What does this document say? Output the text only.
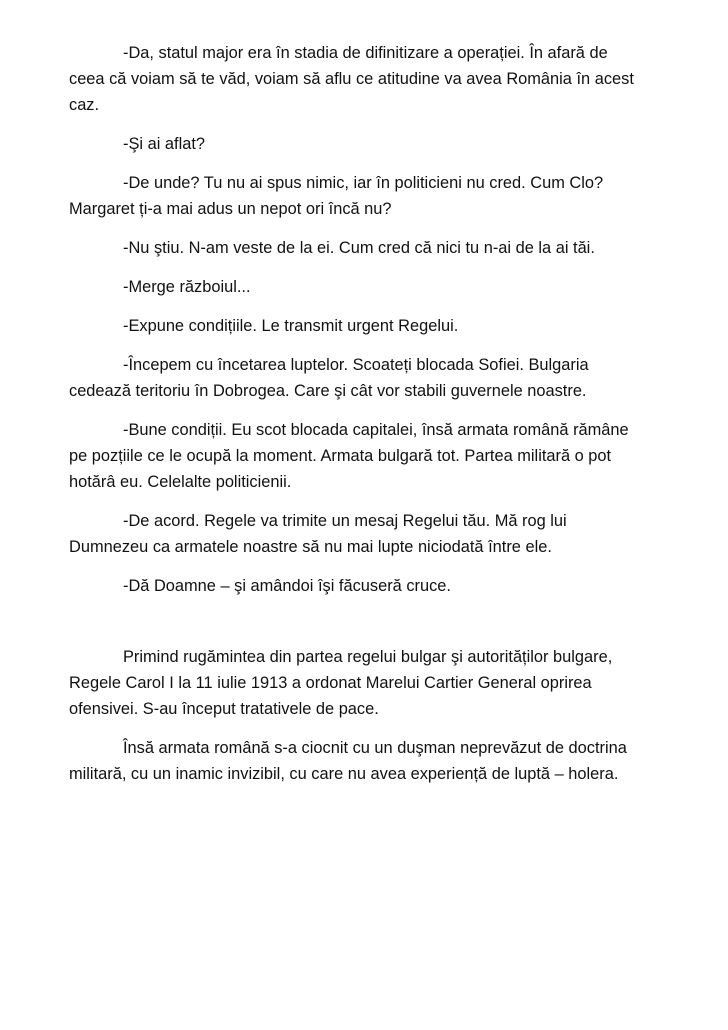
-Da, statul major era în stadia de difinitizare a operației. În afară de
ceea că voiam să te văd, voiam să aflu ce atitudine va avea România în acest
caz.
-Şi ai aflat?
-De unde? Tu nu ai spus nimic, iar în politicieni nu cred. Cum Clo?
Margaret ți-a mai adus un nepot ori încă nu?
-Nu ştiu. N-am veste de la ei. Cum cred că nici tu n-ai de la ai tăi.
-Merge războiul...
-Expune condițiile. Le transmit urgent Regelui.
-Începem cu încetarea luptelor. Scoateți blocada Sofiei. Bulgaria
cedează teritoriu în Dobrogea. Care şi cât vor stabili guvernele noastre.
-Bune condiții. Eu scot blocada capitalei, însă armata română rămâne
pe pozțiile ce le ocupă la moment. Armata bulgară tot. Partea militară o pot
hotărâ eu. Celelalte politicienii.
-De acord. Regele va trimite un mesaj Regelui tău. Mă rog lui
Dumnezeu ca armatele noastre să nu mai lupte niciodată între ele.
-Dă Doamne – şi amândoi îşi făcuseră cruce.
Primind rugămintea din partea regelui bulgar şi autorităților bulgare,
Regele Carol I la 11 iulie 1913 a ordonat Marelui Cartier General oprirea
ofensivei. S-au început tratativele de pace.
Însă armata română s-a ciocnit cu un duşman neprevăzut de doctrina
militară, cu un inamic invizibil, cu care nu avea experiență de luptă – holera.
